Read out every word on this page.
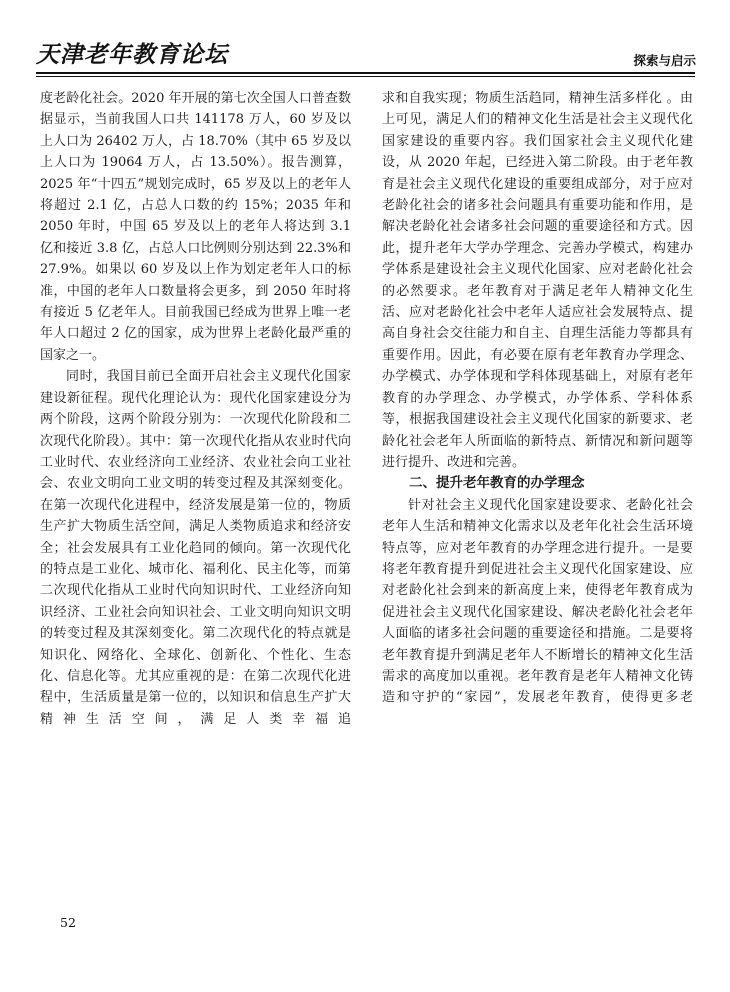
天津老年教育论坛	探索与启示

度老龄化社会。2020 年开展的第七次全国人口普查数据显示，当前我国人口共 141178 万人，60 岁及以上人口为 26402 万人，占 18.70%（其中 65 岁及以上人口为 19064 万人，占 13.50%）。报告测算，2025 年“十四五”规划完成时，65 岁及以上的老年人将超过 2.1 亿，占总人口数的约 15%；2035 年和 2050 年时，中国 65 岁及以上的老年人将达到 3.1 亿和接近 3.8 亿，占总人口比例则分别达到 22.3%和 27.9%。如果以 60 岁及以上作为划定老年人口的标准，中国的老年人口数量将会更多，到 2050 年时将有接近 5 亿老年人。目前我国已经成为世界上唯一老年人口超过 2 亿的国家，成为世界上老龄化最严重的国家之一。

同时，我国目前已全面开启社会主义现代化国家建设新征程。现代化理论认为：现代化国家建设分为两个阶段，这两个阶段分别为：一次现代化阶段和二次现代化阶段）。其中：第一次现代化指从农业时代向工业时代、农业经济向工业经济、农业社会向工业社会、农业文明向工业文明的转变过程及其深刻变化。在第一次现代化进程中，经济发展是第一位的，物质生产扩大物质生活空间，满足人类物质追求和经济安全；社会发展具有工业化趋同的倾向。第一次现代化的特点是工业化、城市化、福利化、民主化等，而第二次现代化指从工业时代向知识时代、工业经济向知识经济、工业社会向知识社会、工业文明向知识文明的转变过程及其深刻变化。第二次现代化的特点就是知识化、网络化、全球化、创新化、个性化、生态化、信息化等。尤其应重视的是：在第二次现代化进程中，生活质量是第一位的，以知识和信息生产扩大精神生活空间，满足人类幸福追

求和自我实现；物质生活趋同，精神生活多样化 。由上可见，满足人们的精神文化生活是社会主义现代化国家建设的重要内容。我们国家社会主义现代化建设，从 2020 年起，已经进入第二阶段。由于老年教育是社会主义现代化建设的重要组成部分，对于应对老龄化社会的诸多社会问题具有重要功能和作用，是解决老龄化社会诸多社会问题的重要途径和方式。因此，提升老年大学办学理念、完善办学模式，构建办学体系是建设社会主义现代化国家、应对老龄化社会的必然要求。老年教育对于满足老年人精神文化生活、应对老龄化社会中老年人适应社会发展特点、提高自身社会交往能力和自主、自理生活能力等都具有重要作用。因此，有必要在原有老年教育办学理念、办学模式、办学体现和学科体现基础上，对原有老年教育的办学理念、办学模式，办学体系、学科体系等，根据我国建设社会主义现代化国家的新要求、老龄化社会老年人所面临的新特点、新情况和新问题等进行提升、改进和完善。

二、提升老年教育的办学理念

针对社会主义现代化国家建设要求、老龄化社会老年人生活和精神文化需求以及老年化社会生活环境特点等，应对老年教育的办学理念进行提升。一是要将老年教育提升到促进社会主义现代化国家建设、应对老龄化社会到来的新高度上来，使得老年教育成为促进社会主义现代化国家建设、解决老龄化社会老年人面临的诸多社会问题的重要途径和措施。二是要将老年教育提升到满足老年人不断增长的精神文化生活需求的高度加以重视。老年教育是老年人精神文化铸造和守护的“家园”，发展老年教育，使得更多老

52
